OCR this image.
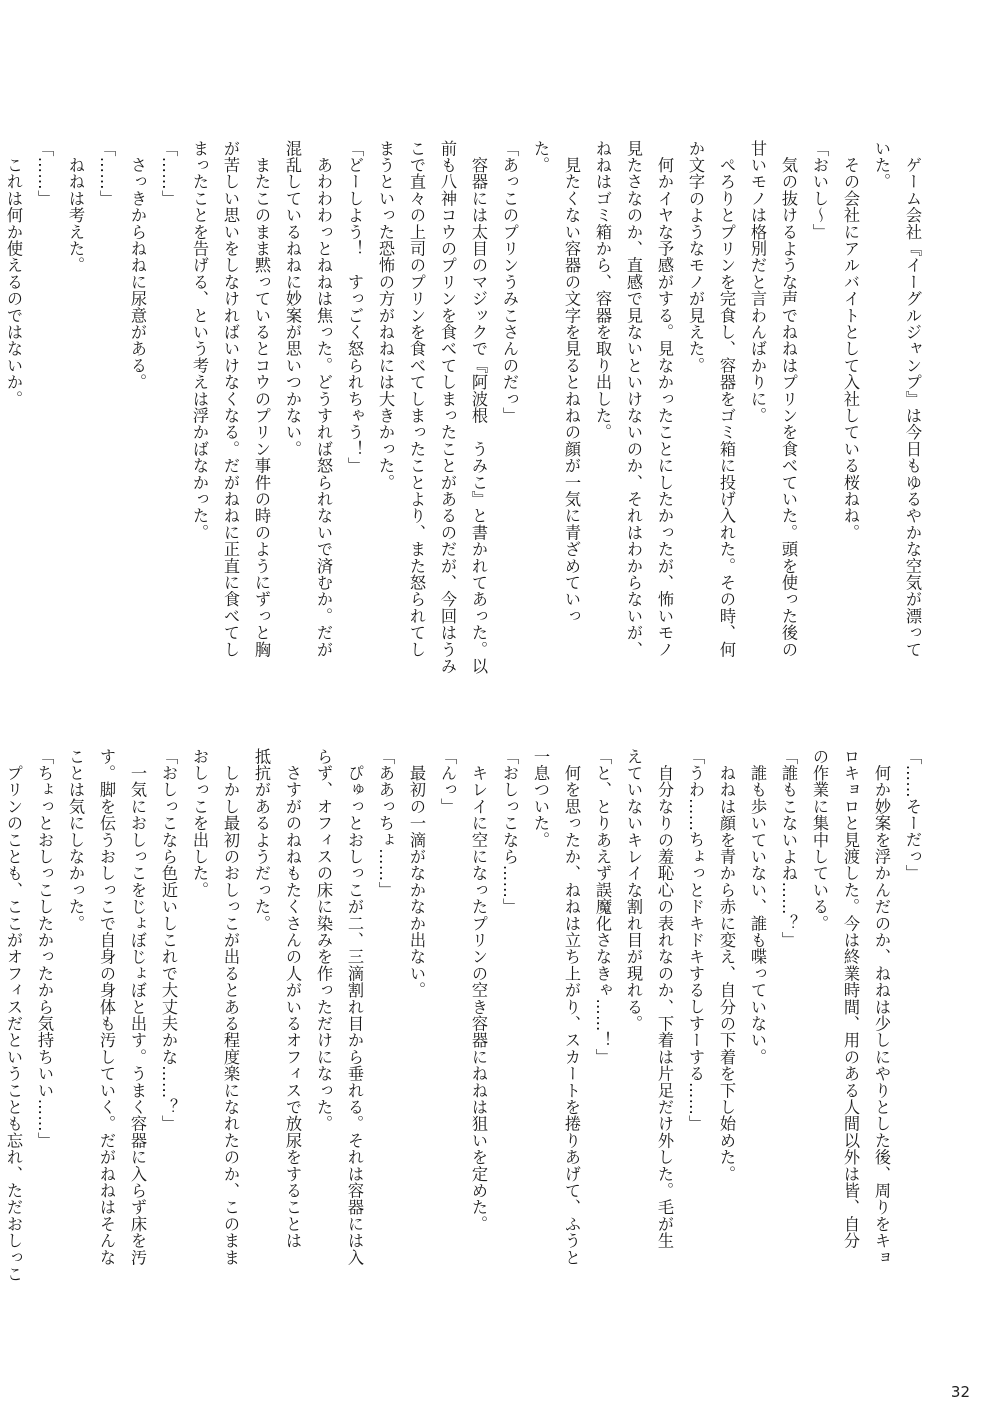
　ゲーム会社『イーグルジャンプ』は今日もゆるやかな空気が漂って
いた。
　その会社にアルバイトとして入社している桜ねね。
「おいし～」
　気の抜けるような声でねねはプリンを食べていた。頭を使った後の
甘いモノは格別だと言わんばかりに。
　ぺろりとプリンを完食し、容器をゴミ箱に投げ入れた。その時、何
か文字のようなモノが見えた。
　何かイヤな予感がする。見なかったことにしたかったが、怖いモノ
見たさなのか、直感で見ないといけないのか、それはわからないが、
ねねはゴミ箱から、容器を取り出した。
　見たくない容器の文字を見るとねねの顔が一気に青ざめていっ
た。
「あっこのプリンうみこさんのだっ」
　容器には太目のマジックで『阿波根　うみこ』と書かれてあった。以
前も八神コウのプリンを食べてしまったことがあるのだが、今回はうみ
こで直々の上司のプリンを食べてしまったことより、また怒られてし
まうといった恐怖の方がねねには大きかった。
「どーしよう！　すっごく怒られちゃう！」
　あわわわっとねねは焦った。どうすれば怒られないで済むか。だが
混乱しているねねに妙案が思いつかない。
　またこのまま黙っているとコウのプリン事件の時のようにずっと胸
が苦しい思いをしなければいけなくなる。だがねねに正直に食べてし
まったことを告げる、という考えは浮かばなかった。
「……」
　さっきからねねに尿意がある。
「……」
　ねねは考えた。
「……」
　これは何か使えるのではないか。
「……そーだっ」
　何か妙案を浮かんだのか、ねねは少しにやりとした後、周りをキョ
ロキョロと見渡した。今は終業時間、用のある人間以外は皆、自分
の作業に集中している。
「誰もこないよね……？」
　誰も歩いていない、誰も喋っていない。
　ねねは顔を青から赤に変え、自分の下着を下し始めた。
「うわ……ちょっとドキドキするしすーする……」
　自分なりの羞恥心の表れなのか、下着は片足だけ外した。毛が生
えていないキレイな割れ目が現れる。
「と、とりあえず誤魔化さなきゃ……！」
　何を思ったか、ねねは立ち上がり、スカートを捲りあげて、ふうと
一息ついた。
「おしっこなら……」
　キレイに空になったプリンの空き容器にねねは狙いを定めた。
「んっ」
　最初の一滴がなかなか出ない。
「ああっちょ……」
　ぴゅっとおしっこが二、三滴割れ目から垂れる。それは容器には入
らず、オフィスの床に染みを作っただけになった。
　さすがのねねもたくさんの人がいるオフィスで放尿をすることは
抵抗があるようだった。
　しかし最初のおしっこが出るとある程度楽になれたのか、このまま
おしっこを出した。
「おしっこなら色近いしこれで大丈夫かな……？」
　一気におしっこをじょぼじょぼと出す。うまく容器に入らず床を汚
す。脚を伝うおしっこで自身の身体も汚していく。だがねねはそんな
ことは気にしなかった。
「ちょっとおしっこしたかったから気持ちいい……」
　プリンのことも、ここがオフィスだということも忘れ、ただおしっこ
32
